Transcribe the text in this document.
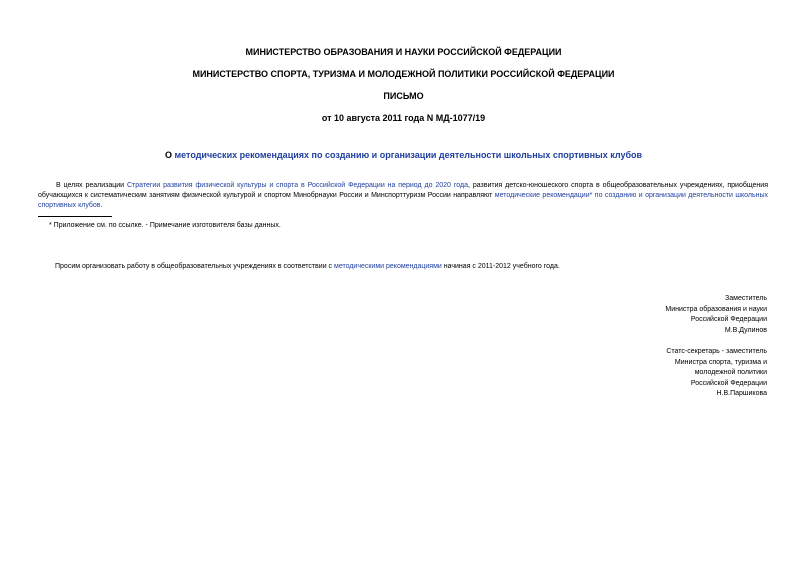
МИНИСТЕРСТВО ОБРАЗОВАНИЯ И НАУКИ РОССИЙСКОЙ ФЕДЕРАЦИИ
МИНИСТЕРСТВО СПОРТА, ТУРИЗМА И МОЛОДЕЖНОЙ ПОЛИТИКИ РОССИЙСКОЙ ФЕДЕРАЦИИ
ПИСЬМО
от 10 августа 2011 года N МД-1077/19
О методических рекомендациях по созданию и организации деятельности школьных спортивных клубов
В целях реализации Стратегии развития физической культуры и спорта в Российской Федерации на период до 2020 года, развития детско-юношеского спорта в общеобразовательных учреждениях, приобщения обучающихся к систематическим занятиям физической культурой и спортом Минобрнауки России и Минспорттуризм России направляют методические рекомендации* по созданию и организации деятельности школьных спортивных клубов.
* Приложение см. по ссылке. - Примечание изготовителя базы данных.
Просим организовать работу в общеобразовательных учреждениях в соответствии с методическими рекомендациями начиная с 2011-2012 учебного года.
Заместитель
Министра образования и науки
Российской Федерации
М.В.Дулинов
Статс-секретарь - заместитель
Министра спорта, туризма и
молодежной политики
Российской Федерации
Н.В.Паршикова
